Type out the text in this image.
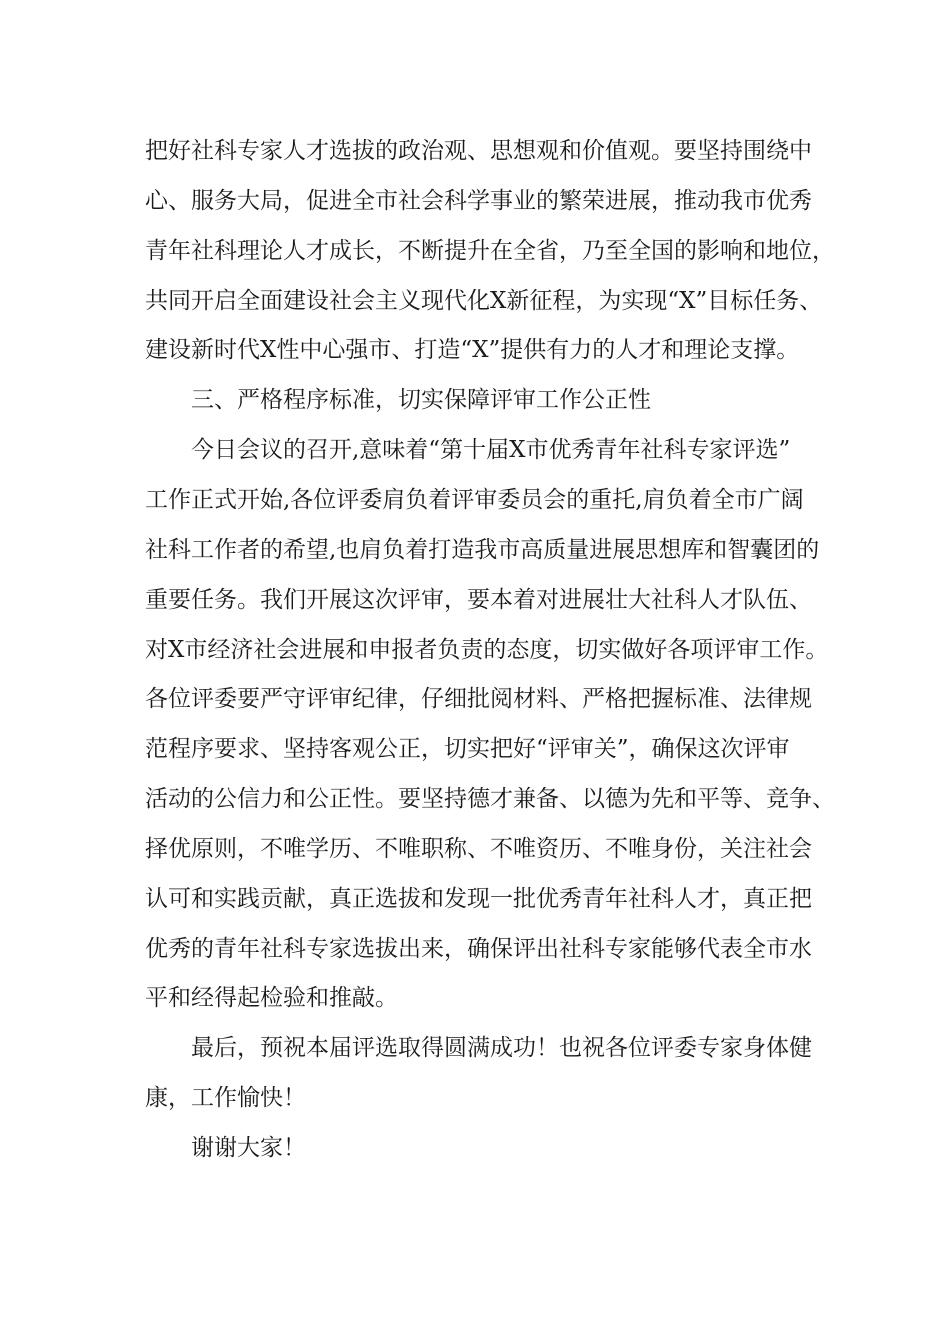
把好社科专家人才选拔的政治观、思想观和价值观。要坚持围绕中
心、服务大局，促进全市社会科学事业的繁荣进展，推动我市优秀
青年社科理论人才成长，不断提升在全省，乃至全国的影响和地位，
共同开启全面建设社会主义现代化X新征程，为实现“X”目标任务、
建设新时代X性中心强市、打造“X”提供有力的人才和理论支撑。
三、严格程序标准，切实保障评审工作公正性
今日会议的召开,意味着“第十届X市优秀青年社科专家评选”
工作正式开始,各位评委肩负着评审委员会的重托,肩负着全市广阔
社科工作者的希望,也肩负着打造我市高质量进展思想库和智囊团的
重要任务。我们开展这次评审，要本着对进展壮大社科人才队伍、
对X市经济社会进展和申报者负责的态度，切实做好各项评审工作。
各位评委要严守评审纪律，仔细批阅材料、严格把握标准、法律规
范程序要求、坚持客观公正，切实把好“评审关”，确保这次评审
活动的公信力和公正性。要坚持德才兼备、以德为先和平等、竞争、
择优原则，不唯学历、不唯职称、不唯资历、不唯身份，关注社会
认可和实践贡献，真正选拔和发现一批优秀青年社科人才，真正把
优秀的青年社科专家选拔出来，确保评出社科专家能够代表全市水
平和经得起检验和推敲。
最后，预祝本届评选取得圆满成功！也祝各位评委专家身体健
康，工作愉快！
谢谢大家！
